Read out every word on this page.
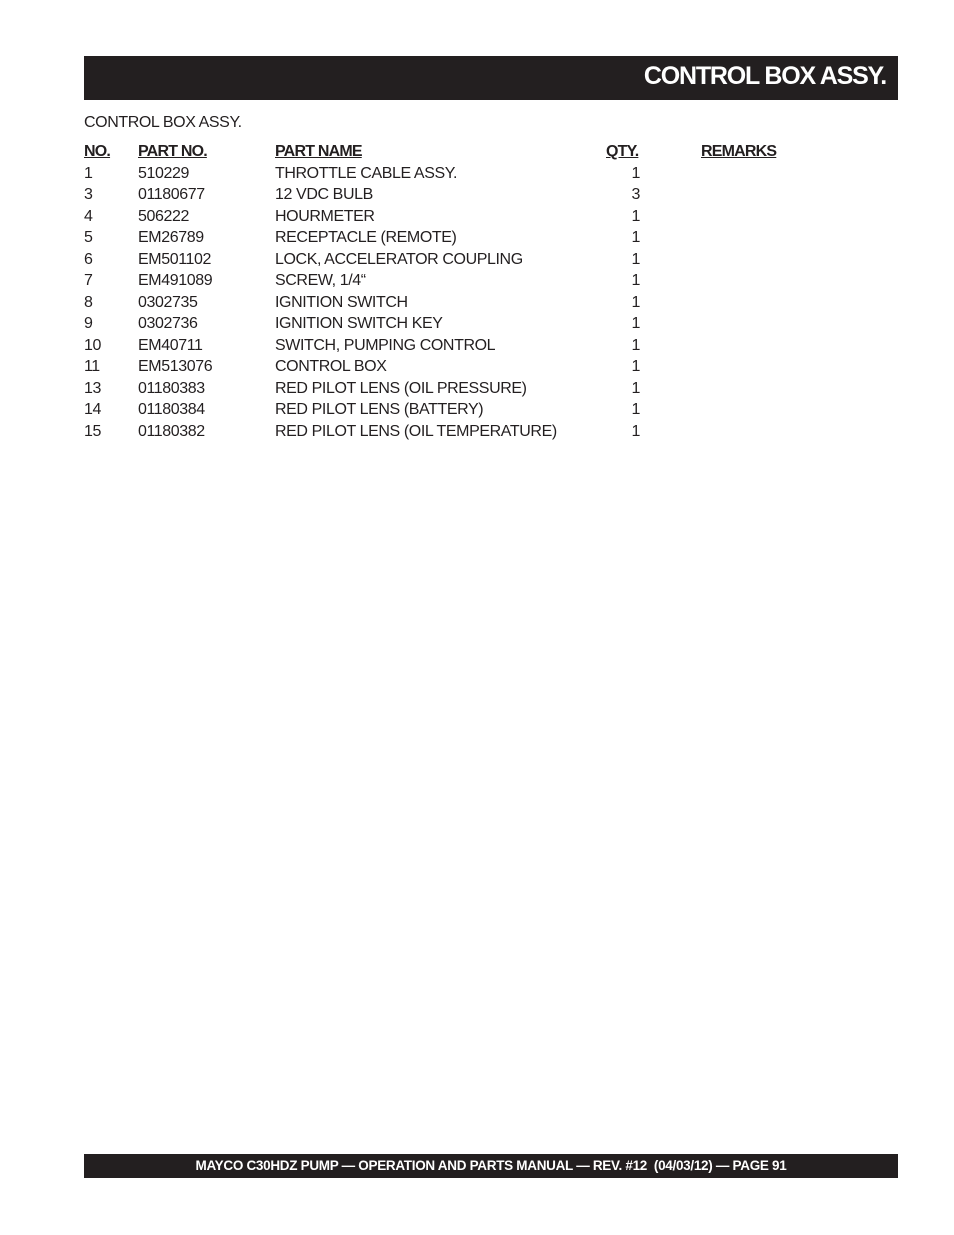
CONTROL BOX ASSY.
CONTROL BOX ASSY.
NO. PART NO.	PART NAME	QTY.	REMARKS
1	510229	THROTTLE CABLE ASSY.	1
3	01180677	12 VDC BULB	3
4	506222	HOURMETER	1
5	EM26789	RECEPTACLE (REMOTE)	1
6	EM501102	LOCK, ACCELERATOR COUPLING	1
7	EM491089	SCREW, 1/4“	1
8	0302735	IGNITION SWITCH	1
9	0302736	IGNITION SWITCH KEY	1
10 EM40711	SWITCH, PUMPING CONTROL	1
11 EM513076	CONTROL BOX	1
13 01180383	RED PILOT LENS (OIL PRESSURE)	1
14 01180384	RED PILOT LENS (BATTERY)	1
15 01180382	RED PILOT LENS (OIL TEMPERATURE)	1
MAYCO C30HDZ PUMP — OPERATION AND PARTS MANUAL — REV. #12  (04/03/12) — PAGE 91
